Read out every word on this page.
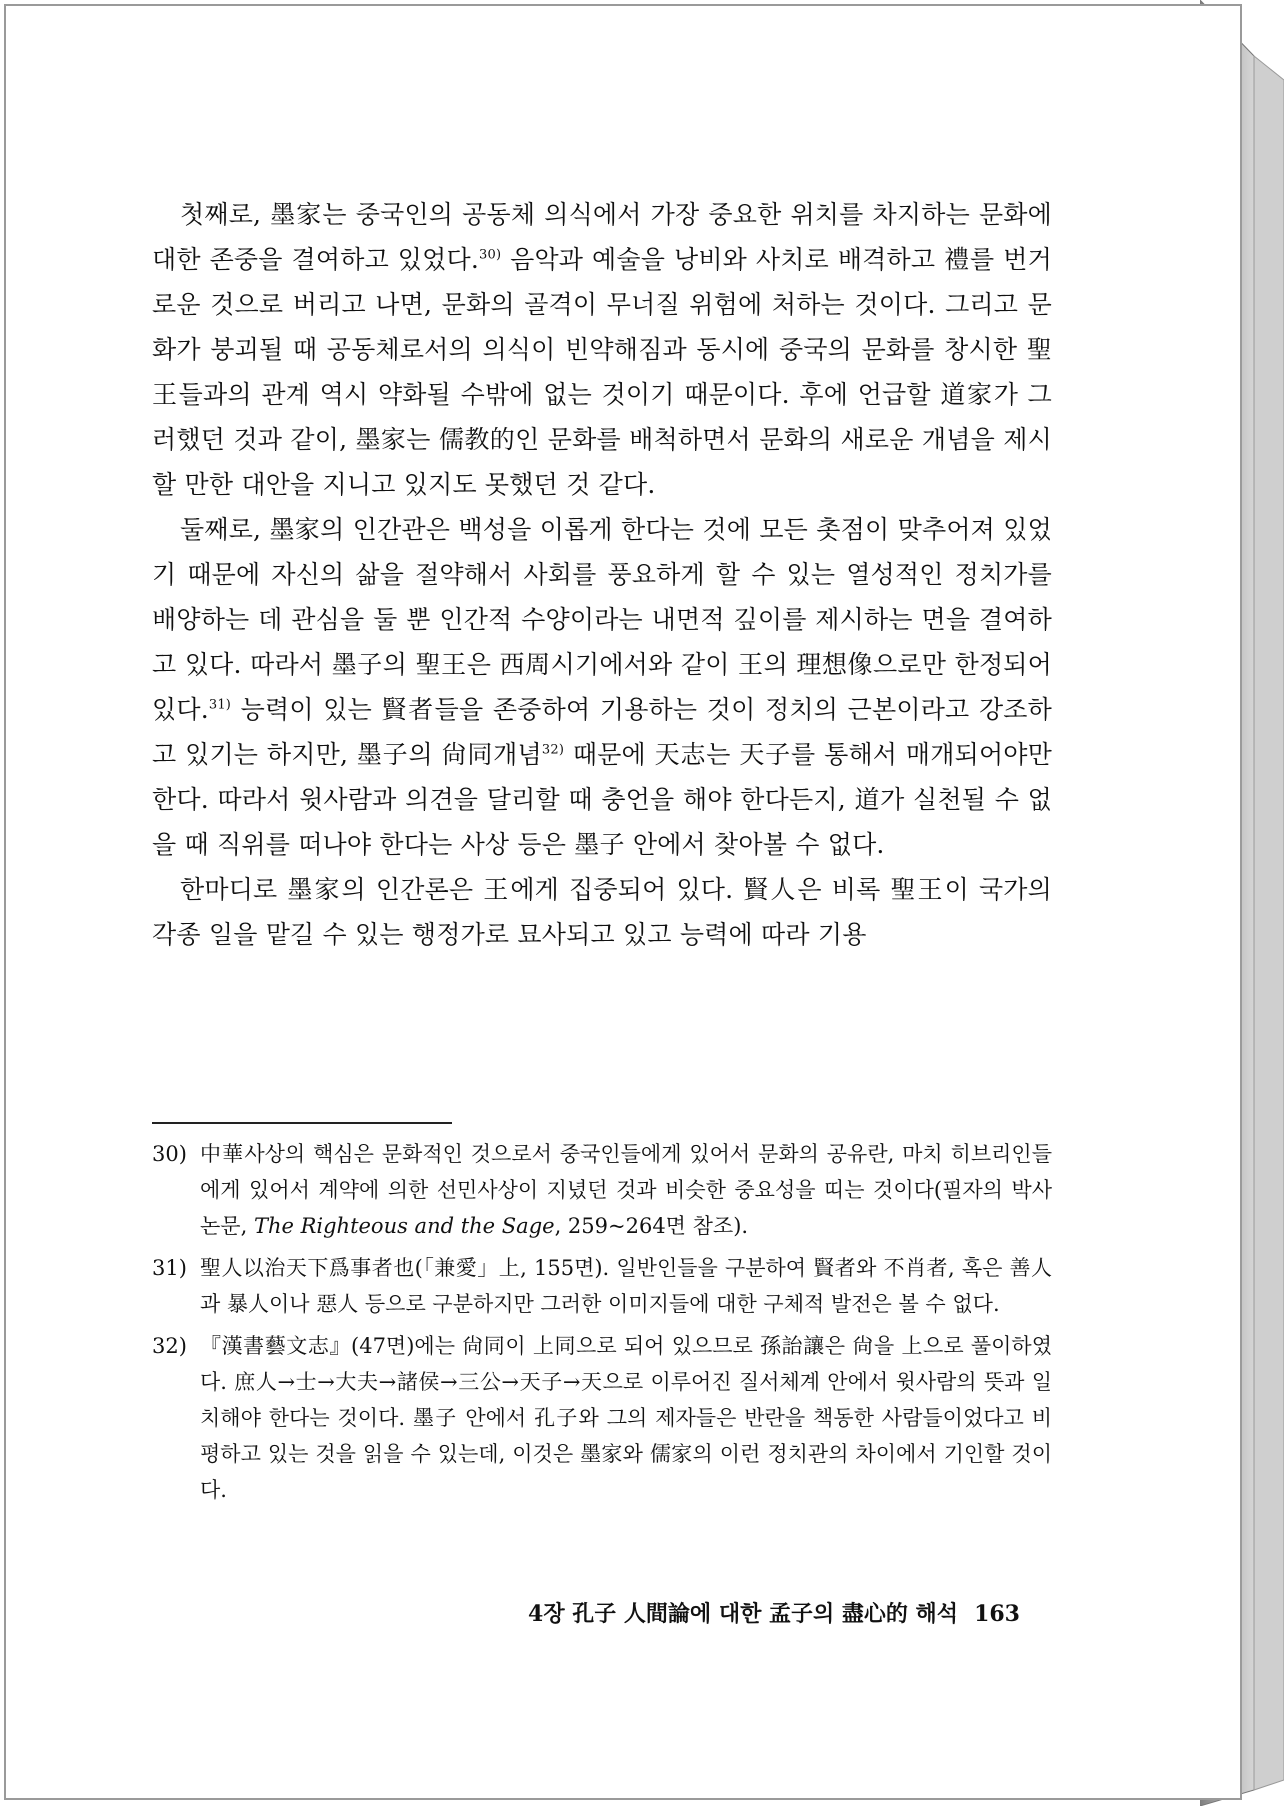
첫째로, 墨家는 중국인의 공동체 의식에서 가장 중요한 위치를 차지하는 문화에 대한 존중을 결여하고 있었다.$^{30)}$ 음악과 예술을 낭비와 사치로 배격하고 禮를 번거로운 것으로 버리고 나면, 문화의 골격이 무너질 위험에 처하는 것이다. 그리고 문화가 붕괴될 때 공동체로서의 의식이 빈약해짐과 동시에 중국의 문화를 창시한 聖王들과의 관계 역시 약화될 수밖에 없는 것이기 때문이다. 후에 언급할 道家가 그러했던 것과 같이, 墨家는 儒教的인 문화를 배척하면서 문화의 새로운 개념을 제시할 만한 대안을 지니고 있지도 못했던 것 같다.

둘째로, 墨家의 인간관은 백성을 이롭게 한다는 것에 모든 촛점이 맞추어져 있었기 때문에 자신의 삶을 절약해서 사회를 풍요하게 할 수 있는 열성적인 정치가를 배양하는 데 관심을 둘 뿐 인간적 수양이라는 내면적 깊이를 제시하는 면을 결여하고 있다. 따라서 墨子의 聖王은 西周시기에서와 같이 王의 理想像으로만 한정되어 있다.$^{31)}$ 능력이 있는 賢者들을 존중하여 기용하는 것이 정치의 근본이라고 강조하고 있기는 하지만, 墨子의 尙同개념$^{32)}$ 때문에 天志는 天子를 통해서 매개되어야만 한다. 따라서 윗사람과 의견을 달리할 때 충언을 해야 한다든지, 道가 실천될 수 없을 때 직위를 떠나야 한다는 사상 등은 墨子 안에서 찾아볼 수 없다.

한마디로 墨家의 인간론은 王에게 집중되어 있다. 賢人은 비록 聖王이 국가의 각종 일을 맡길 수 있는 행정가로 묘사되고 있고 능력에 따라 기용

30) 中華사상의 핵심은 문화적인 것으로서 중국인들에게 있어서 문화의 공유란, 마치 히브리인들에게 있어서 계약에 의한 선민사상이 지녔던 것과 비슷한 중요성을 띠는 것이다(필자의 박사논문, The Righteous and the Sage, 259~264면 참조).
31) 聖人以治天下爲事者也(「兼愛」上, 155면). 일반인들을 구분하여 賢者와 不肖者, 혹은 善人과 暴人이나 惡人 등으로 구분하지만 그러한 이미지들에 대한 구체적 발전은 볼 수 없다.
32) 『漢書藝文志』(47면)에는 尙同이 上同으로 되어 있으므로 孫詒讓은 尙을 上으로 풀이하였다. 庶人→士→大夫→諸侯→三公→天子→天으로 이루어진 질서체계 안에서 윗사람의 뜻과 일치해야 한다는 것이다. 墨子 안에서 孔子와 그의 제자들은 반란을 책동한 사람들이었다고 비평하고 있는 것을 읽을 수 있는데, 이것은 墨家와 儒家의 이런 정치관의 차이에서 기인할 것이다.
4장 孔子 人間論에 대한 孟子의 盡心的 해석 163
